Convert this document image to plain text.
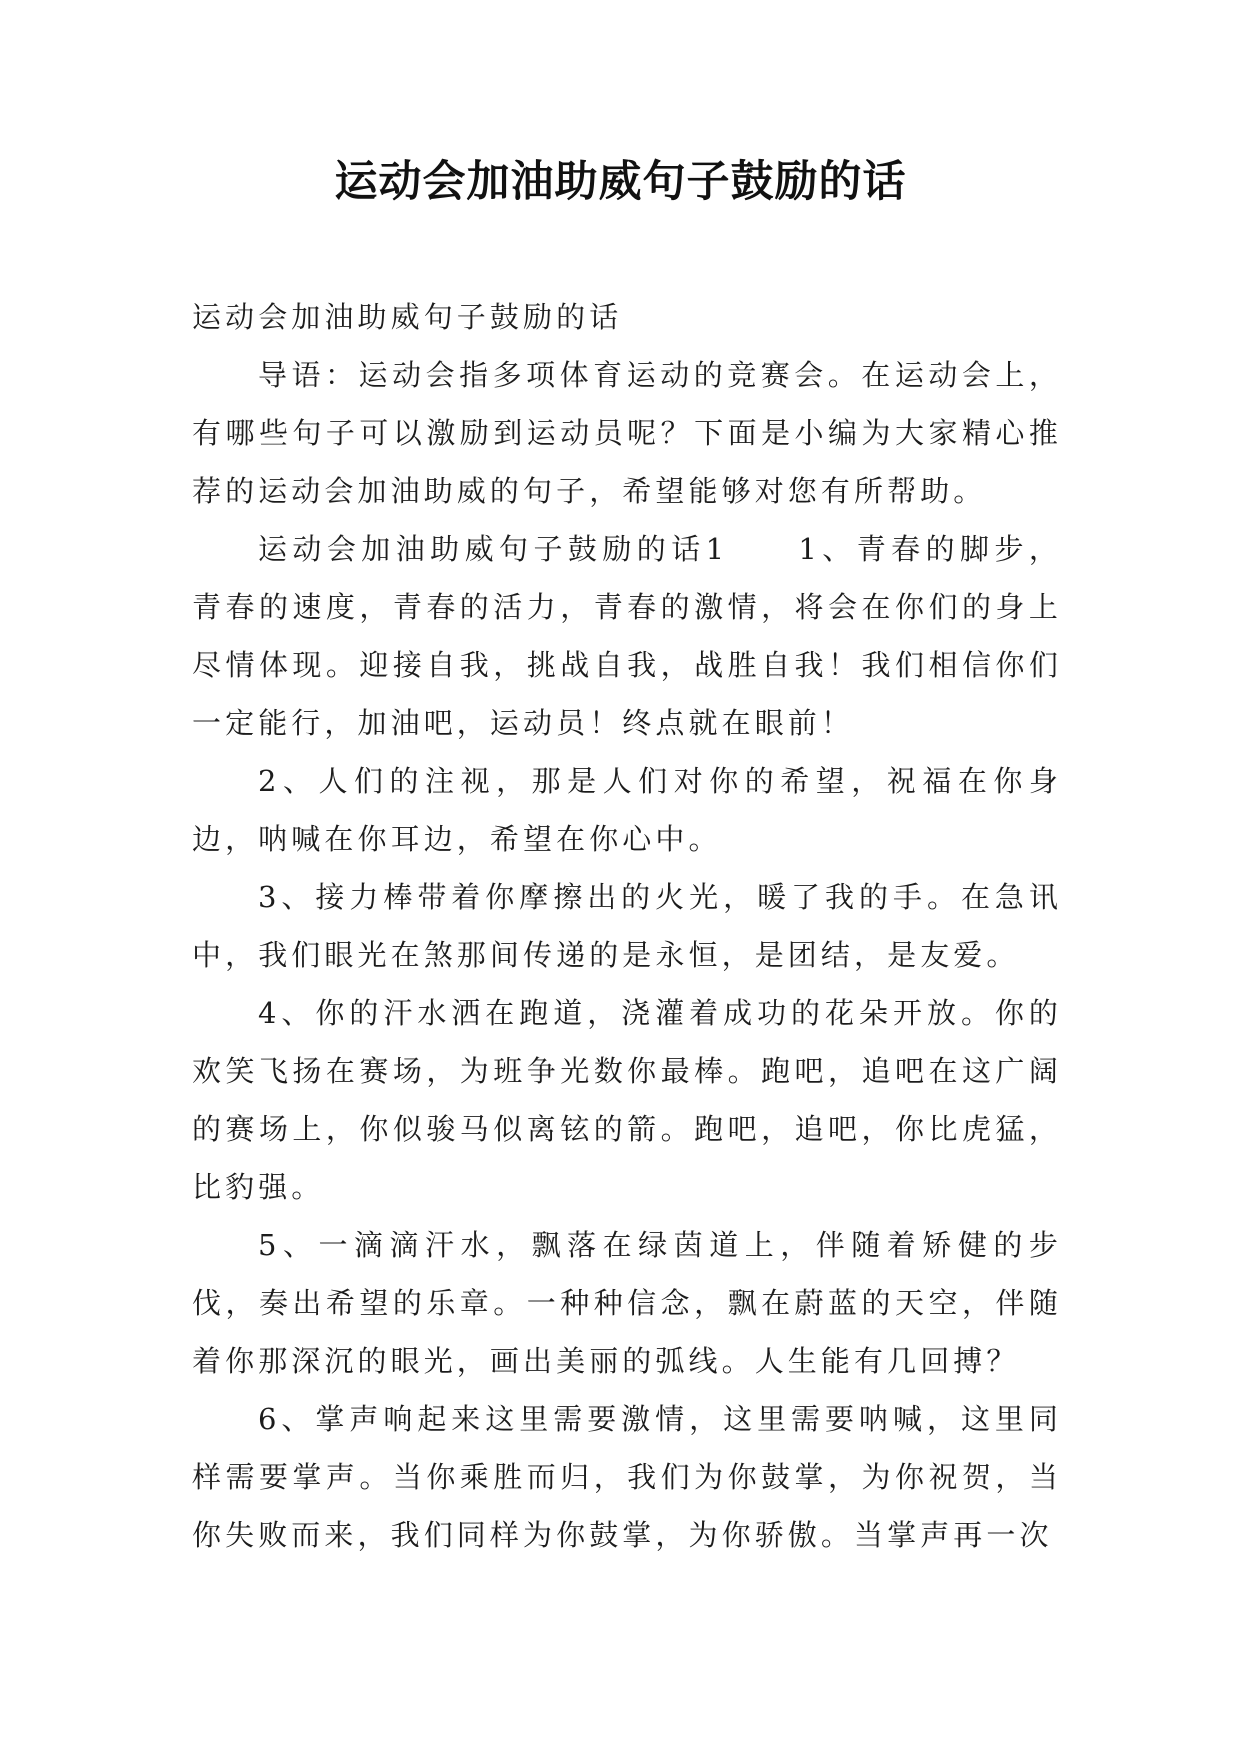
运动会加油助威句子鼓励的话

运动会加油助威句子鼓励的话

导语：运动会指多项体育运动的竞赛会。在运动会上，有哪些句子可以激励到运动员呢？下面是小编为大家精心推荐的运动会加油助威的句子，希望能够对您有所帮助。

运动会加油助威句子鼓励的话1　　1、青春的脚步，青春的速度，青春的活力，青春的激情，将会在你们的身上尽情体现。迎接自我，挑战自我，战胜自我！我们相信你们一定能行，加油吧，运动员！终点就在眼前！

2、人们的注视，那是人们对你的希望，祝福在你身边，呐喊在你耳边，希望在你心中。

3、接力棒带着你摩擦出的火光，暖了我的手。在急讯中，我们眼光在煞那间传递的是永恒，是团结，是友爱。

4、你的汗水洒在跑道，浇灌着成功的花朵开放。你的欢笑飞扬在赛场，为班争光数你最棒。跑吧，追吧在这广阔的赛场上，你似骏马似离铉的箭。跑吧，追吧，你比虎猛，比豹强。

5、一滴滴汗水，飘落在绿茵道上，伴随着矫健的步伐，奏出希望的乐章。一种种信念，飘在蔚蓝的天空，伴随着你那深沉的眼光，画出美丽的弧线。人生能有几回搏？

6、掌声响起来这里需要激情，这里需要呐喊，这里同样需要掌声。当你乘胜而归，我们为你鼓掌，为你祝贺，当你失败而来，我们同样为你鼓掌，为你骄傲。当掌声再一次
